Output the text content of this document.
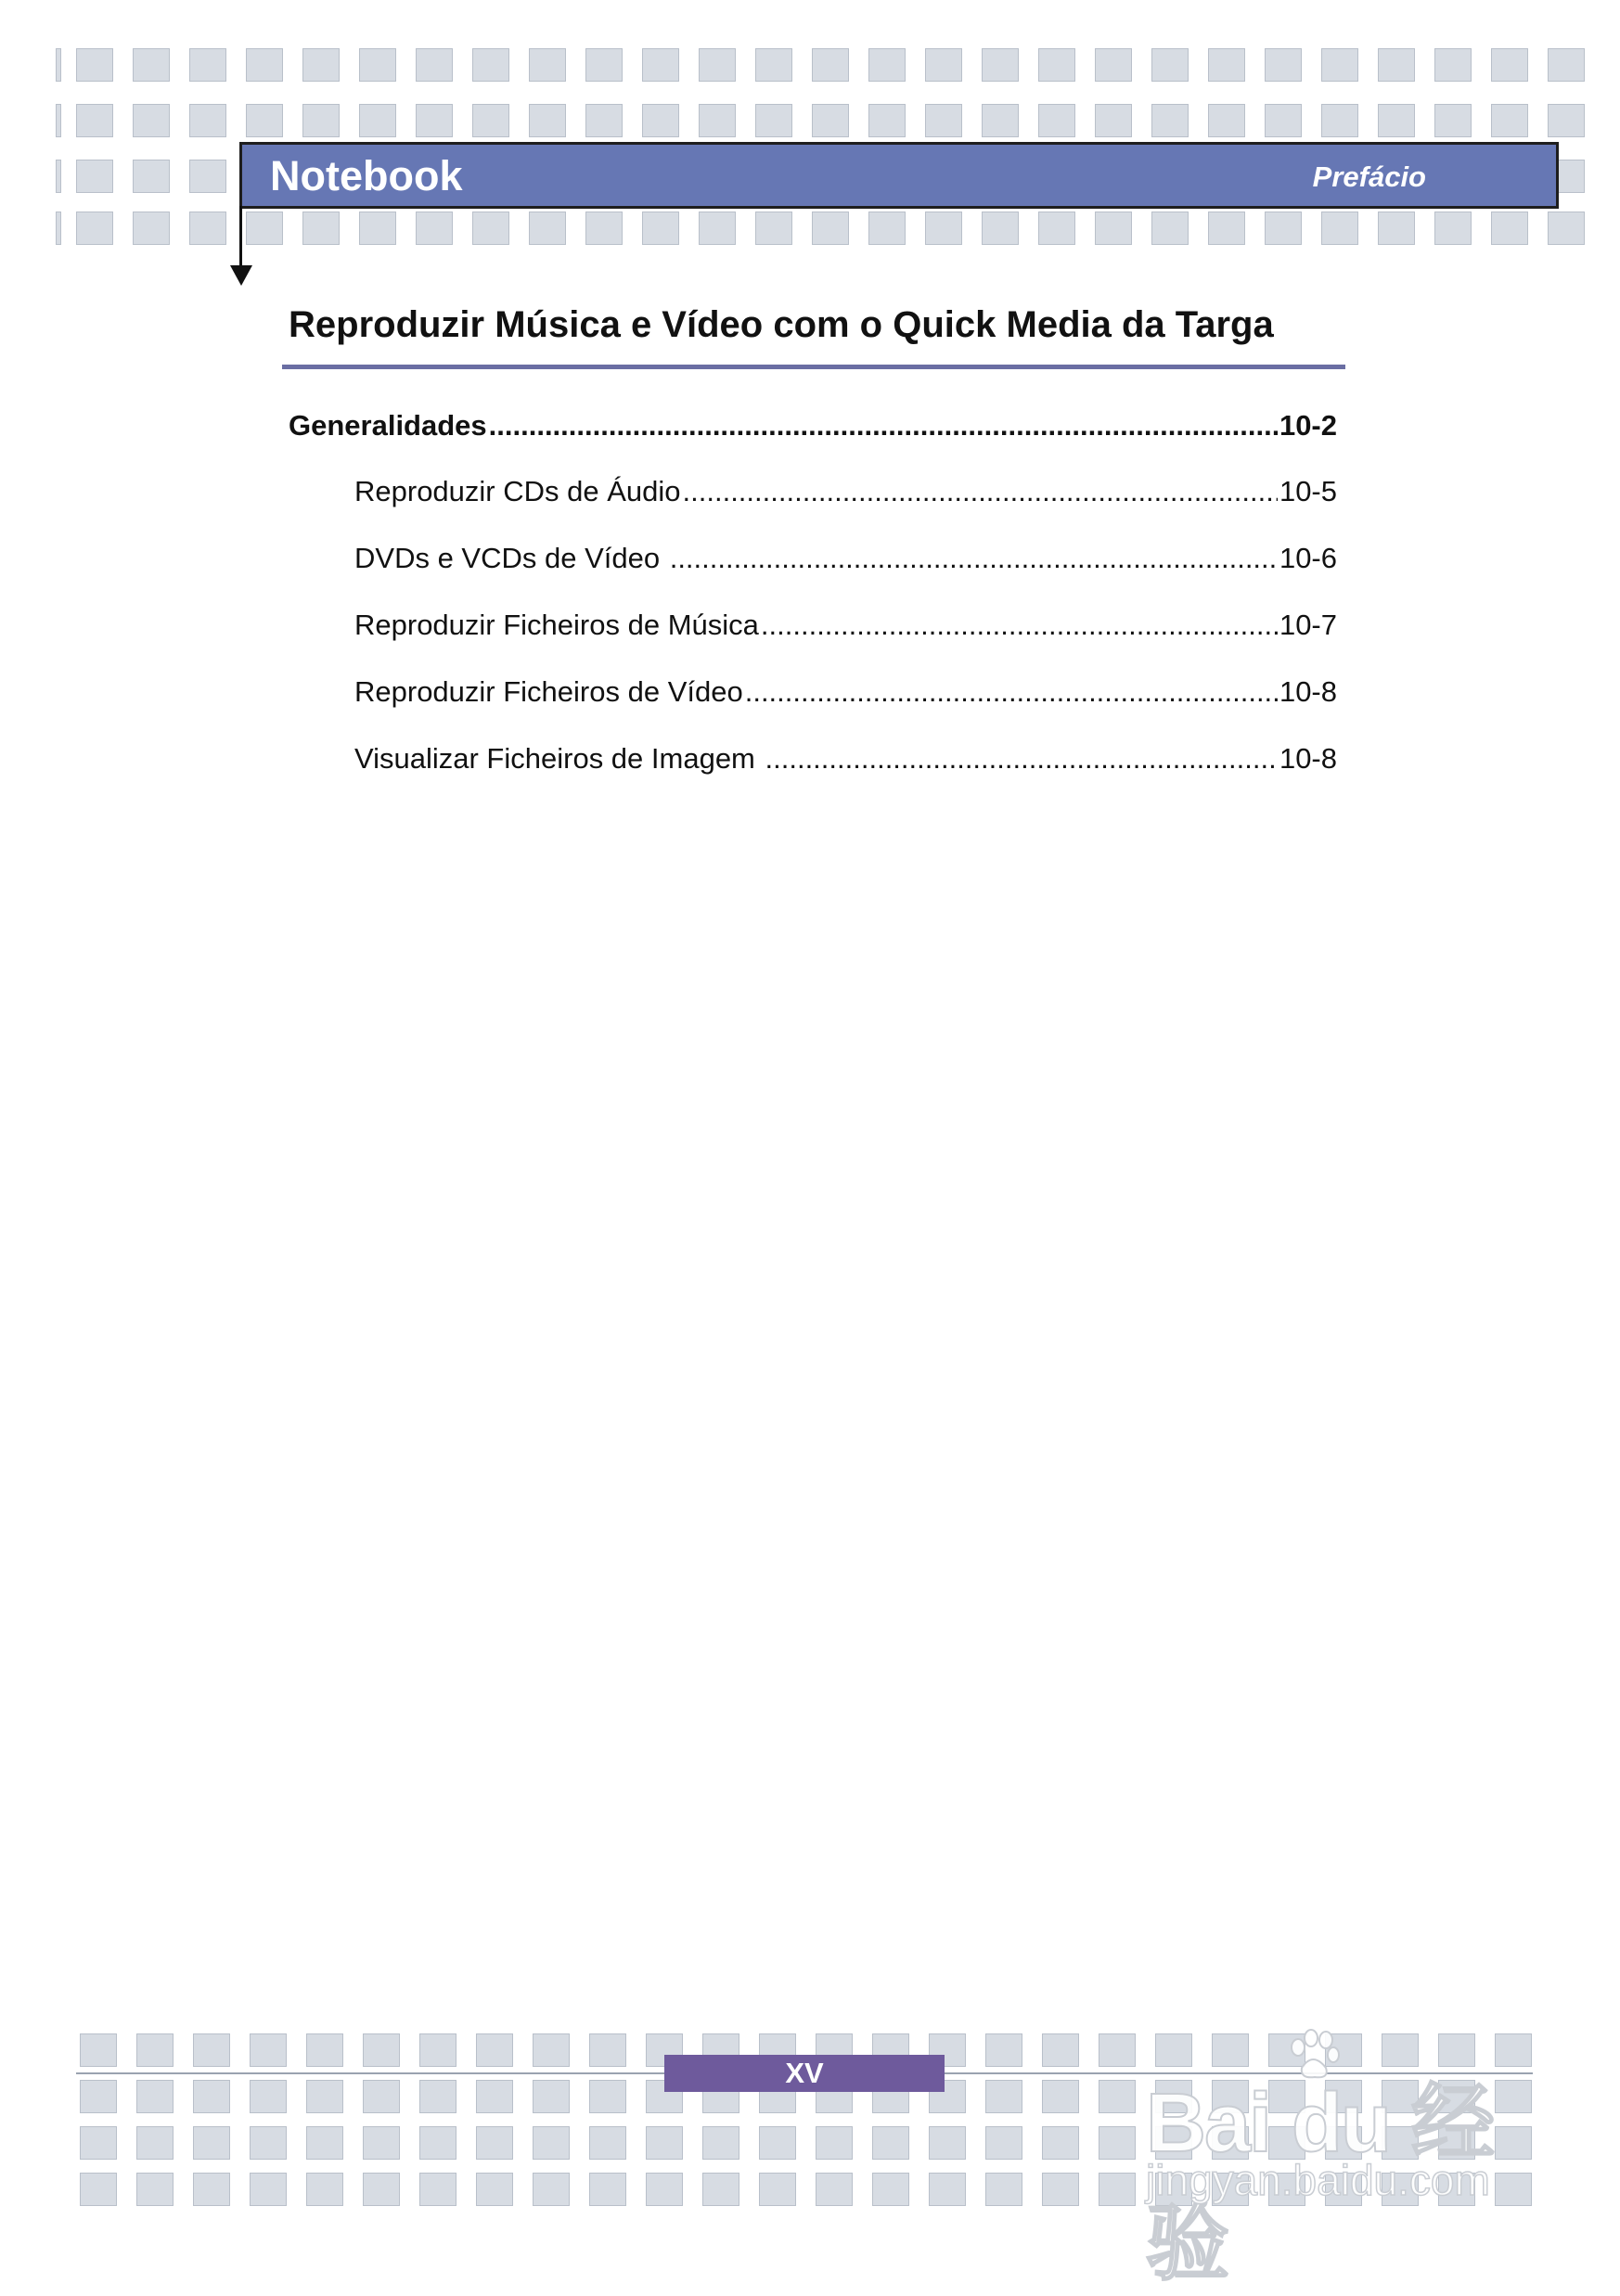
Notebook	Prefácio
Reproduzir Música e Vídeo com o Quick Media da Targa
Generalidades .....	10-2
Reproduzir CDs de Áudio .....	10-5
DVDs e VCDs de Vídeo .....	10-6
Reproduzir Ficheiros de Música .....	10-7
Reproduzir Ficheiros de Vídeo .....	10-8
Visualizar Ficheiros de Imagem .....	10-8
XV
Bai du 经验
jingyan.baidu.com
